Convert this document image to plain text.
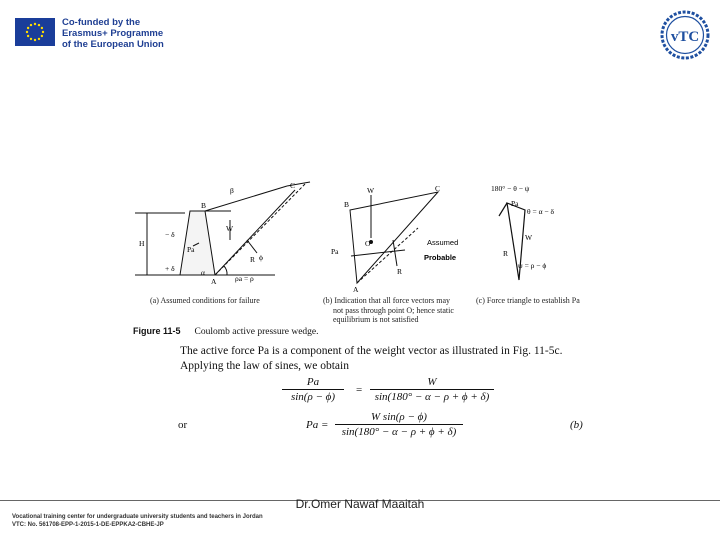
Co-funded by the
Erasmus+ Programme
of the European Union	vTC
β
C
B
W
H
− δ
+ δ
Pa
R ϕ
α
A ρa = ρ
W	C
B
O
Pa
R
A
Assumed
Probable
180° − θ − ψ
Pa
θ = α − δ
W
R
ψ = ρ − ϕ
(a) Assumed conditions for failure	(b) Indication that all force vectors may
not pass through point O; hence static
equilibrium is not satisfied
(c) Force triangle to establish Pa
Figure 11-5 Coulomb active pressure wedge.
The active force Pa is a component of the weight vector as illustrated in Fig. 11-5c. Applying the law of sines, we obtain
$\frac{Pa}{\sin(\rho - \phi)} = \frac{W}{\sin(180^\circ - \alpha - \rho + \phi + \delta)}$
or	$Pa = \frac{\text{W sin(ρ − ϕ)}}{\sin(180^\circ - \alpha - \rho + \phi + \delta)}$	(b)
Dr.Omer Nawaf Maaitah
Vocational training center for undergraduate university students and teachers in Jordan
VTC: No. 561708-EPP-1-2015-1-DE-EPPKA2-CBHE-JP
